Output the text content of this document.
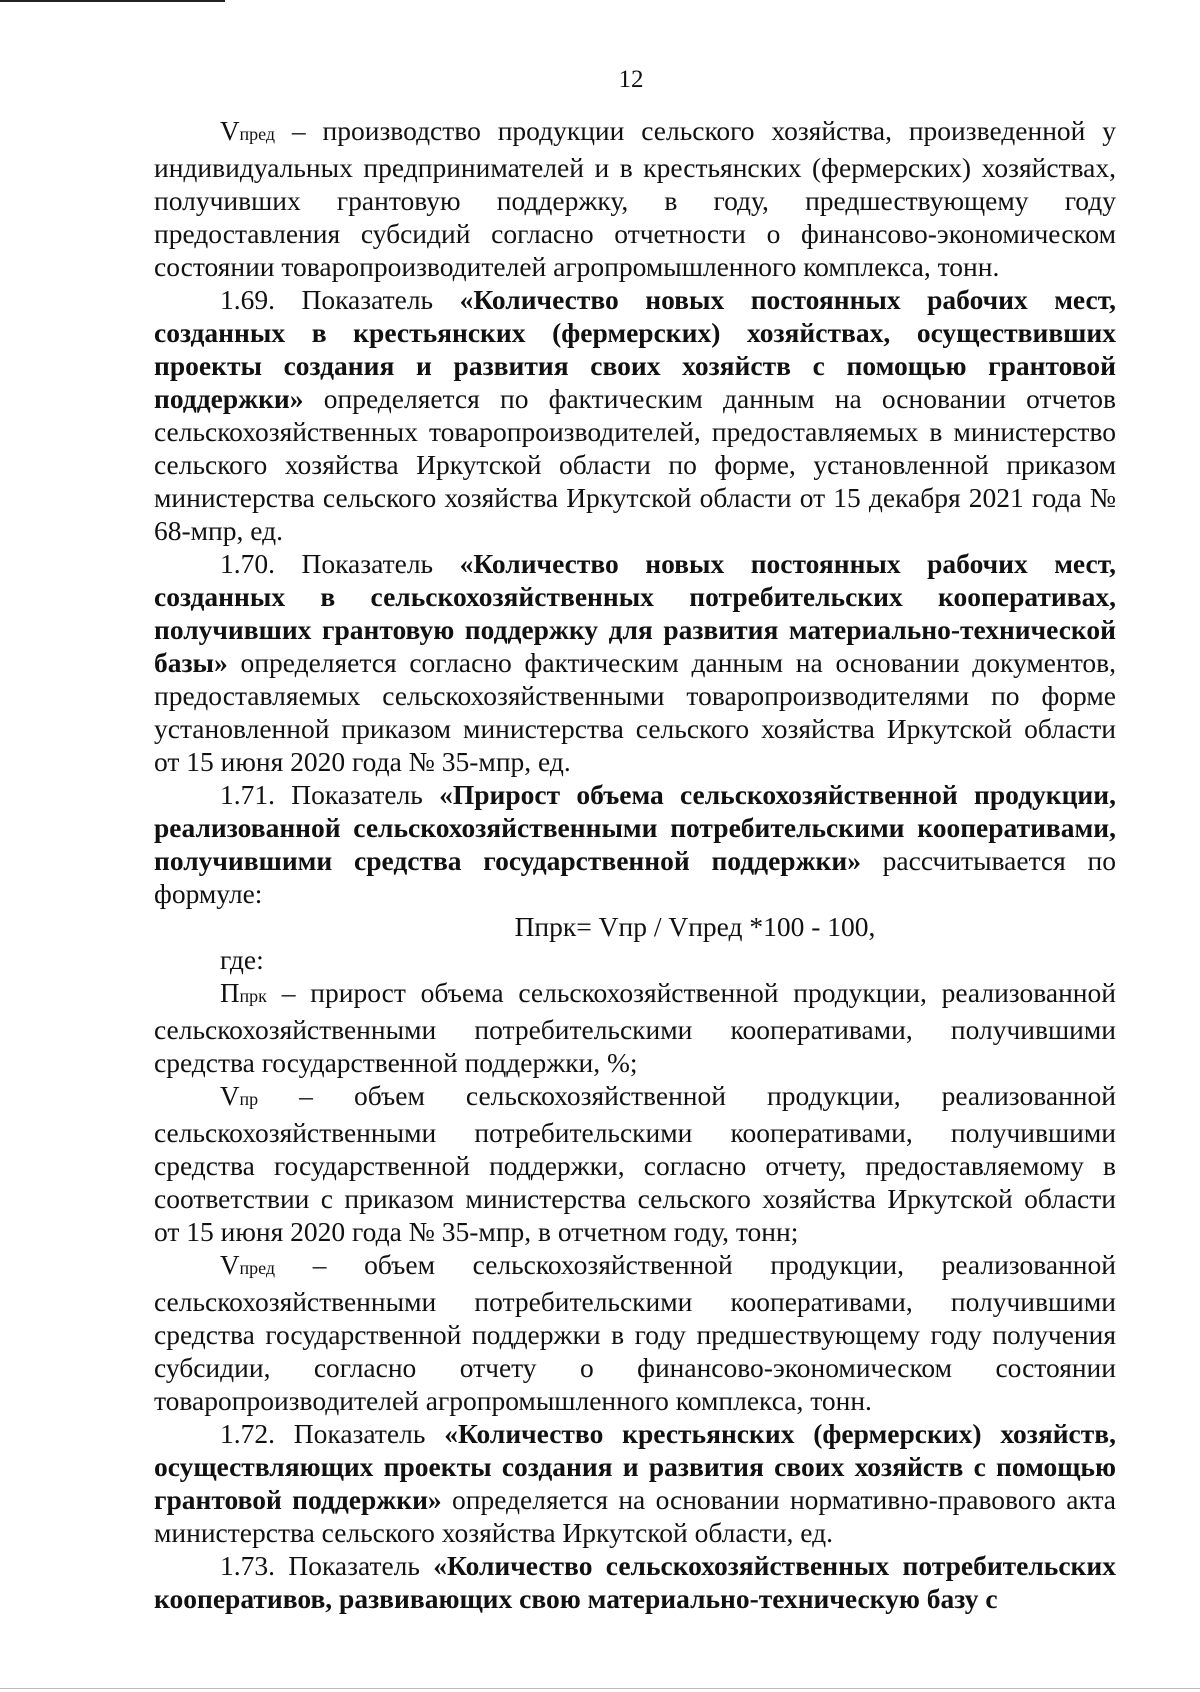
12

Vпред – производство продукции сельского хозяйства, произведенной у индивидуальных предпринимателей и в крестьянских (фермерских) хозяйствах, получивших грантовую поддержку, в году, предшествующему году предоставления субсидий согласно отчетности о финансово-экономическом состоянии товаропроизводителей агропромышленного комплекса, тонн.

1.69. Показатель «Количество новых постоянных рабочих мест, созданных в крестьянских (фермерских) хозяйствах, осуществивших проекты создания и развития своих хозяйств с помощью грантовой поддержки» определяется по фактическим данным на основании отчетов сельскохозяйственных товаропроизводителей, предоставляемых в министерство сельского хозяйства Иркутской области по форме, установленной приказом министерства сельского хозяйства Иркутской области от 15 декабря 2021 года № 68-мпр, ед.

1.70. Показатель «Количество новых постоянных рабочих мест, созданных в сельскохозяйственных потребительских кооперативах, получивших грантовую поддержку для развития материально-технической базы» определяется согласно фактическим данным на основании документов, предоставляемых сельскохозяйственными товаропроизводителями по форме установленной приказом министерства сельского хозяйства Иркутской области от 15 июня 2020 года № 35-мпр, ед.

1.71. Показатель «Прирост объема сельскохозяйственной продукции, реализованной сельскохозяйственными потребительскими кооперативами, получившими средства государственной поддержки» рассчитывается по формуле:

Ппрк= Vпр / Vпред *100 - 100,

где:

Ппрк – прирост объема сельскохозяйственной продукции, реализованной сельскохозяйственными потребительскими кооперативами, получившими средства государственной поддержки, %;

Vпр – объем сельскохозяйственной продукции, реализованной сельскохозяйственными потребительскими кооперативами, получившими средства государственной поддержки, согласно отчету, предоставляемому в соответствии с приказом министерства сельского хозяйства Иркутской области от 15 июня 2020 года № 35-мпр, в отчетном году, тонн;

Vпред – объем сельскохозяйственной продукции, реализованной сельскохозяйственными потребительскими кооперативами, получившими средства государственной поддержки в году предшествующему году получения субсидии, согласно отчету о финансово-экономическом состоянии товаропроизводителей агропромышленного комплекса, тонн.

1.72. Показатель «Количество крестьянских (фермерских) хозяйств, осуществляющих проекты создания и развития своих хозяйств с помощью грантовой поддержки» определяется на основании нормативно-правового акта министерства сельского хозяйства Иркутской области, ед.

1.73. Показатель «Количество сельскохозяйственных потребительских кооперативов, развивающих свою материально-техническую базу с
